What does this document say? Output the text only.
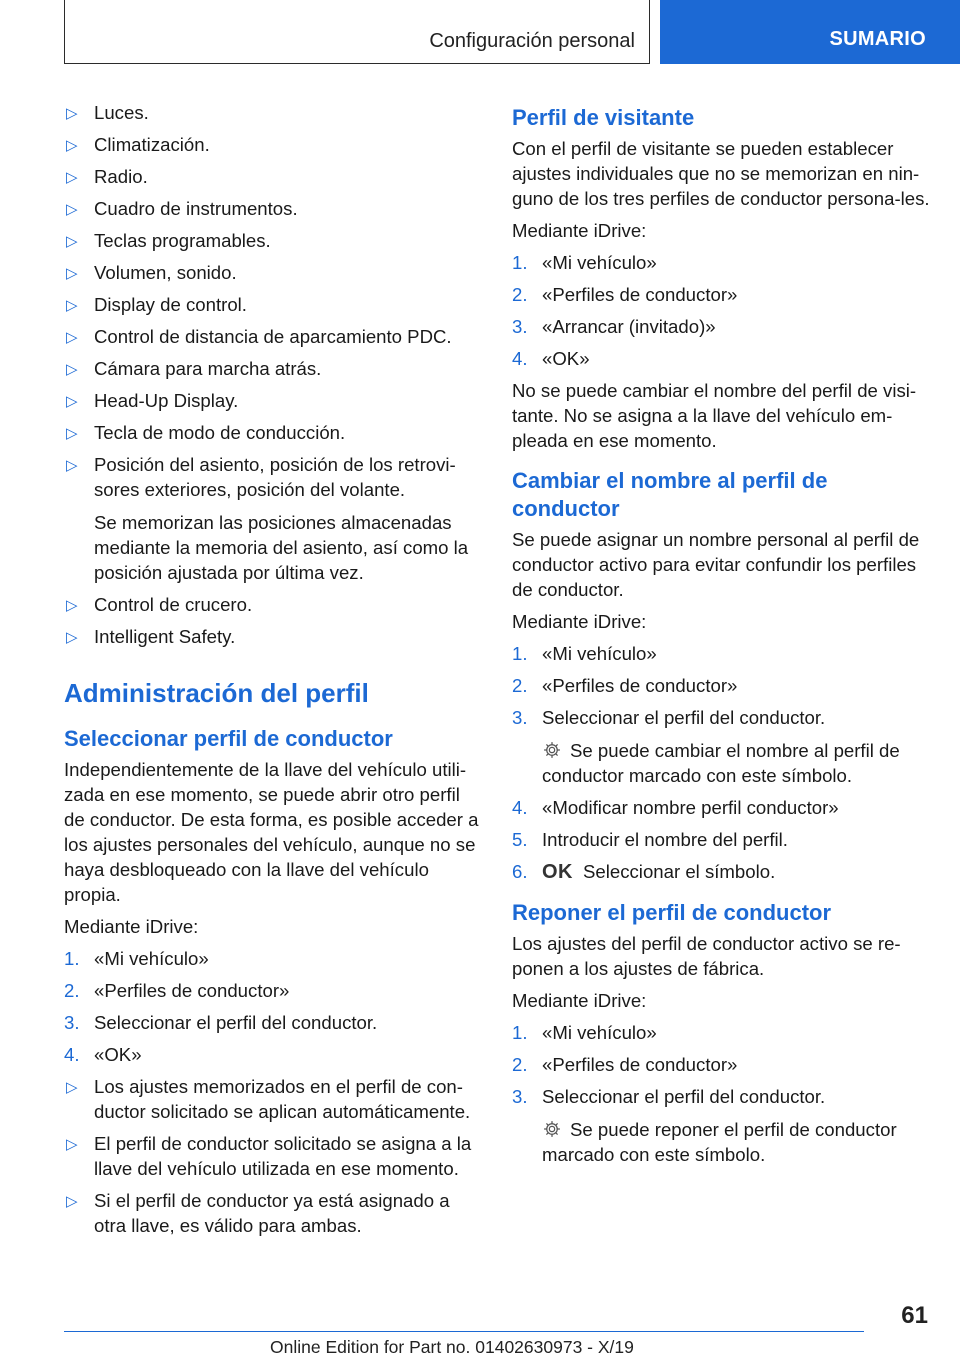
Configuración personal	SUMARIO
▷ Luces.
▷ Climatización.
▷ Radio.
▷ Cuadro de instrumentos.
▷ Teclas programables.
▷ Volumen, sonido.
▷ Display de control.
▷ Control de distancia de aparcamiento PDC.
▷ Cámara para marcha atrás.
▷ Head-Up Display.
▷ Tecla de modo de conducción.
▷ Posición del asiento, posición de los retrovi-sores exteriores, posición del volante.
Se memorizan las posiciones almacenadas mediante la memoria del asiento, así como la posición ajustada por última vez.
▷ Control de crucero.
▷ Intelligent Safety.
Administración del perfil
Seleccionar perfil de conductor

Independientemente de la llave del vehículo utili-zada en ese momento, se puede abrir otro perfil de conductor. De esta forma, es posible acceder a los ajustes personales del vehículo, aunque no se haya desbloqueado con la llave del vehículo propia.

Mediante iDrive:

1. «Mi vehículo»
2. «Perfiles de conductor»
3. Seleccionar el perfil del conductor.
4. «OK»
▷ Los ajustes memorizados en el perfil de con-ductor solicitado se aplican automáticamente.
▷ El perfil de conductor solicitado se asigna a la llave del vehículo utilizada en ese momento.
▷ Si el perfil de conductor ya está asignado a otra llave, es válido para ambas.
Perfil de visitante

Con el perfil de visitante se pueden establecer ajustes individuales que no se memorizan en nin-guno de los tres perfiles de conductor persona-les.

Mediante iDrive:

1. «Mi vehículo»
2. «Perfiles de conductor»
3. «Arrancar (invitado)»
4. «OK»

No se puede cambiar el nombre del perfil de visi-tante. No se asigna a la llave del vehículo em-pleada en ese momento.

Cambiar el nombre al perfil de conductor

Se puede asignar un nombre personal al perfil de conductor activo para evitar confundir los perfiles de conductor.

Mediante iDrive:

1. «Mi vehículo»
2. «Perfiles de conductor»
3. Seleccionar el perfil del conductor.
Se puede cambiar el nombre al perfil de conductor marcado con este símbolo.
4. «Modificar nombre perfil conductor»
5. Introducir el nombre del perfil.
6. OK Seleccionar el símbolo.
Reponer el perfil de conductor

Los ajustes del perfil de conductor activo se re-ponen a los ajustes de fábrica.

Mediante iDrive:

1. «Mi vehículo»
2. «Perfiles de conductor»
3. Seleccionar el perfil del conductor.
Se puede reponer el perfil de conductor marcado con este símbolo.
61
Online Edition for Part no. 01402630973 - X/19
